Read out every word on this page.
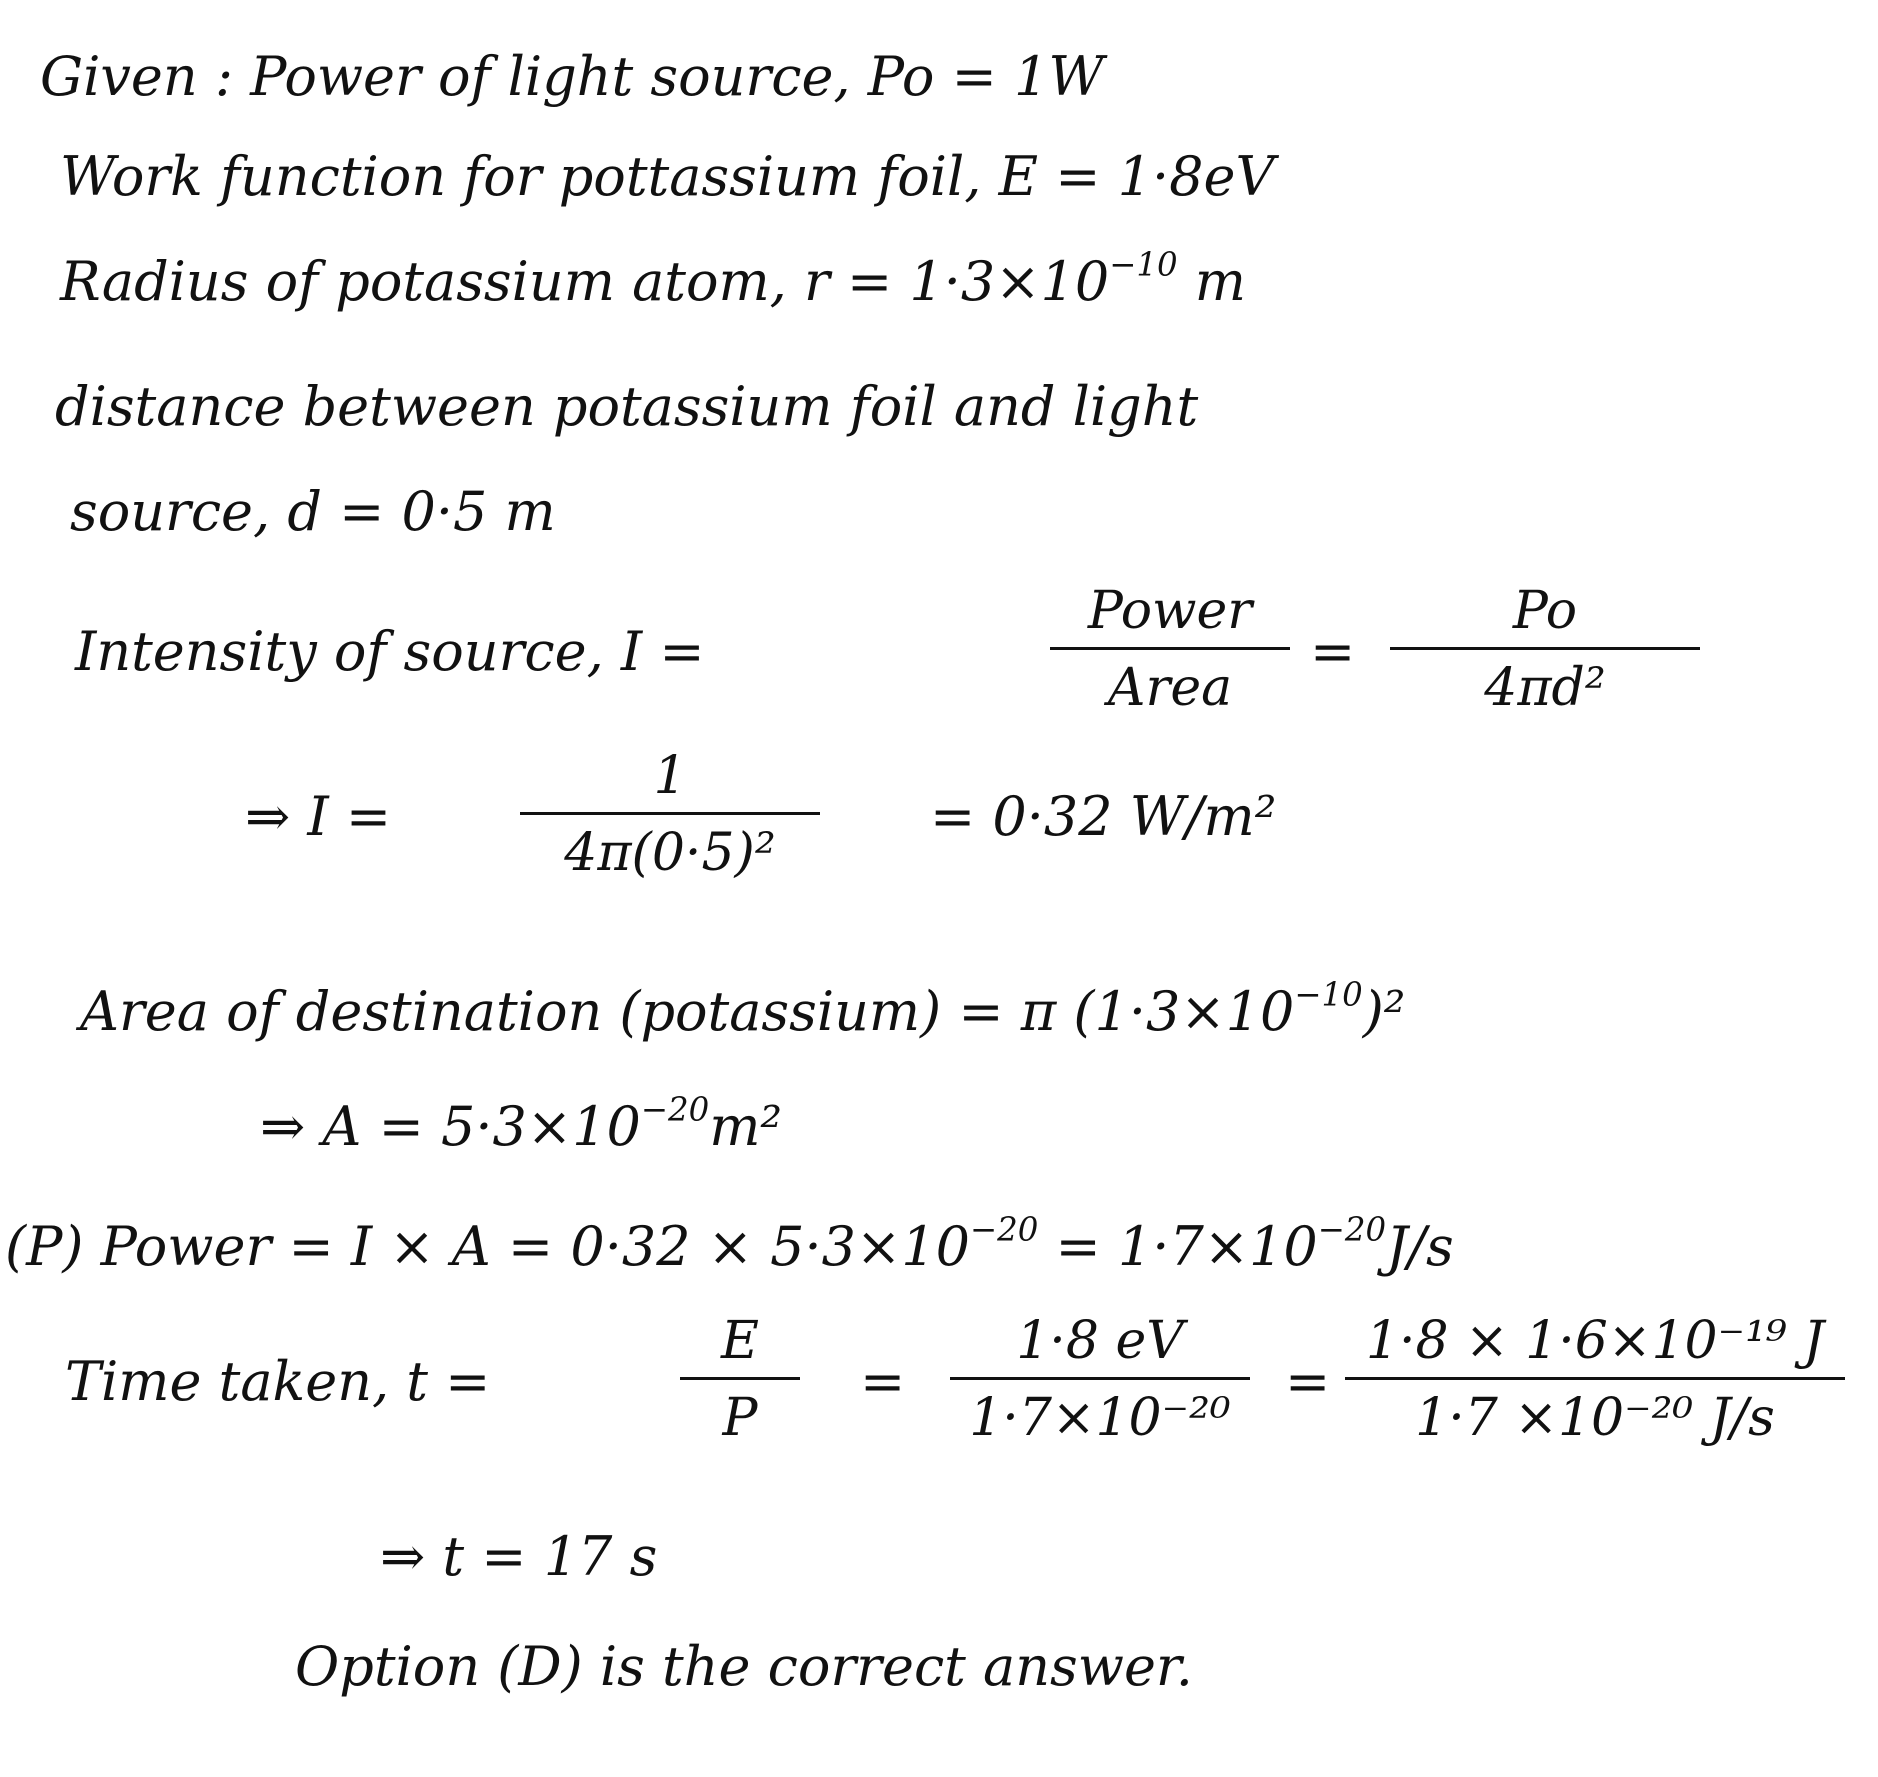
Given : Power of light source, Po = 1W
Work function for pottassium foil, E = 1·8eV
Radius of potassium atom, $r = 1\cdot 3\times 10^{-10}$ m
distance between potassium foil and light
source, d = 0·5 m
Intensity of source, I =
Power
Area
=
Po
4πd²
⇒ I =
1
4π(0·5)²
= 0·32 W/m²
Area of destination (potassium) = π $(1\cdot 3\times 10^{-10})^2$
⇒ $A = 5\cdot 3\times 10^{-20}m^2$
(P) Power = $I \times A = 0\cdot 32 \times 5\cdot 3\times 10^{-20} = 1\cdot 7\times 10^{-20}J/s$
Time taken, t =
E
P
=
1·8 eV
1·7×10⁻²⁰
=
1·8 × 1·6×10⁻¹⁹ J
1·7 ×10⁻²⁰ J/s
⇒ t = 17 s
Option (D) is the correct answer.
